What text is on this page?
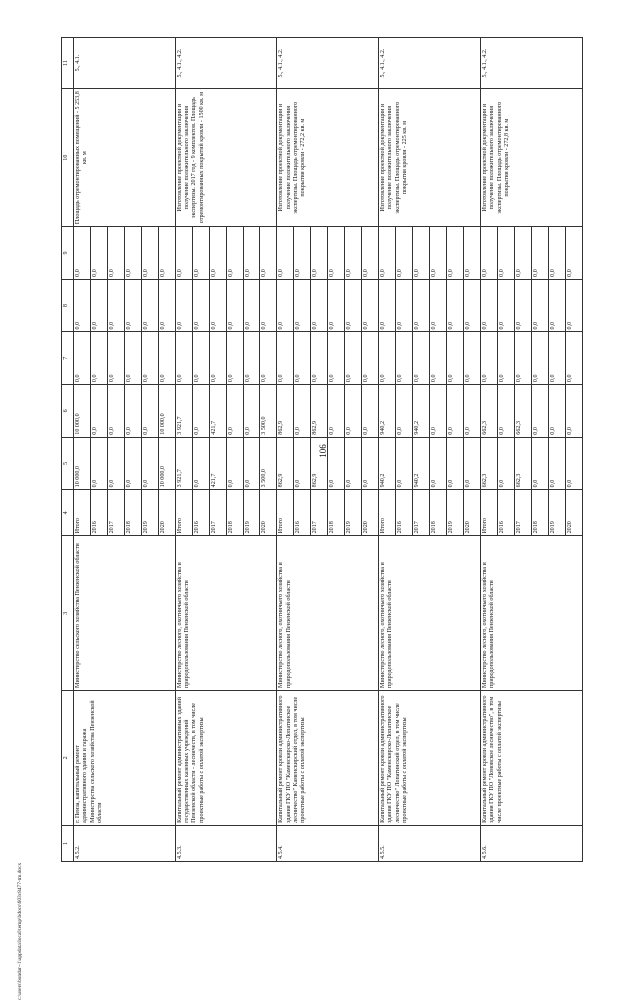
106
c:\users\bondar~1\appdata\local\temp\bdocs\603c8477-tm.docx
1	2	3	4	5	6	7	8	9	10	11
4.5.2.	г. Пенза, капитальный ремонт административного здания и гаража Министерства сельского хозяйства Пензенской области	Министерство сельского хозяйства Пензенской области	Итого	10 000,0	10 000,0	0,0	0,0	0,0	Площадь отремонтированных помещений - 5 253,8 кв. м	5., 4.1.
			2016	0,0	0,0	0,0	0,0	0,0		
			2017	0,0	0,0	0,0	0,0	0,0		
			2018	0,0	0,0	0,0	0,0	0,0		
			2019	0,0	0,0	0,0	0,0	0,0		
			2020	10 000,0	10 000,0	0,0	0,0	0,0		
4.5.3.	Капитальный ремонт административных зданий государственных казенных учреждений Пензенской области - лесничеств, в том числе проектные работы с оплатой экспертизы	Министерство лесного, охотничьего хозяйства и природопользования Пензенской области	Итого	3 921,7	3 921,7	0,0	0,0	0,0	Изготовление проектной документации и получение положительного заключения экспертизы. 2017 год - 9 комплектов. Площадь отремонтированных покрытий кровли - 1500 кв. м	5., 4.1., 4.2.
			2016	0,0	0,0	0,0	0,0	0,0		
			2017	421,7	421,7	0,0	0,0	0,0		
			2018	0,0	0,0	0,0	0,0	0,0		
			2019	0,0	0,0	0,0	0,0	0,0		
			2020	3 500,0	3 500,0	0,0	0,0	0,0		
4.5.4.	Капитальный ремонт кровли административного здания ГКУ ПО "Каменскирско-Лопатинское лесничество" Каменскирский отдел, в том числе проектные работы с оплатой экспертизы	Министерство лесного, охотничьего хозяйства и природопользования Пензенской области	Итого	862,9	862,9	0,0	0,0	0,0	Изготовление проектной документации и получение положительного заключения экспертизы. Площадь отремонтированного покрытия кровли - 272,2 кв. м	5., 4.1., 4.2.
			2016	0,0	0,0	0,0	0,0	0,0		
			2017	862,9	862,9	0,0	0,0	0,0		
			2018	0,0	0,0	0,0	0,0	0,0		
			2019	0,0	0,0	0,0	0,0	0,0		
			2020	0,0	0,0	0,0	0,0	0,0		
4.5.5.	Капитальный ремонт кровли административного здания ГКУ ПО "Каменскирско-Лопатинское лесничество" Лопатинский отдел, в том числе проектные работы с оплатой экспертизы	Министерство лесного, охотничьего хозяйства и природопользования Пензенской области	Итого	940,2	940,2	0,0	0,0	0,0	Изготовление проектной документации и получение положительного заключения экспертизы. Площадь отремонтированного покрытия кровли - 225 кв. м	5., 4.1., 4.2.
			2016	0,0	0,0	0,0	0,0	0,0		
			2017	940,2	940,2	0,0	0,0	0,0		
			2018	0,0	0,0	0,0	0,0	0,0		
			2019	0,0	0,0	0,0	0,0	0,0		
			2020	0,0	0,0	0,0	0,0	0,0		
4.5.6.	Капитальный ремонт кровли административного здания ГКУ ПО "Ломовское лесничество", в том числе проектные работы с оплатой экспертизы	Министерство лесного, охотничьего хозяйства и природопользования Пензенской области	Итого	662,3	662,3	0,0	0,0	0,0	Изготовление проектной документации и получение положительного заключения экспертизы. Площадь отремонтированного покрытия кровли - 272,8 кв. м	5., 4.1., 4.2.
			2016	0,0	0,0	0,0	0,0	0,0		
			2017	662,3	662,3	0,0	0,0	0,0		
			2018	0,0	0,0	0,0	0,0	0,0		
			2019	0,0	0,0	0,0	0,0	0,0		
			2020	0,0	0,0	0,0	0,0	0,0		
